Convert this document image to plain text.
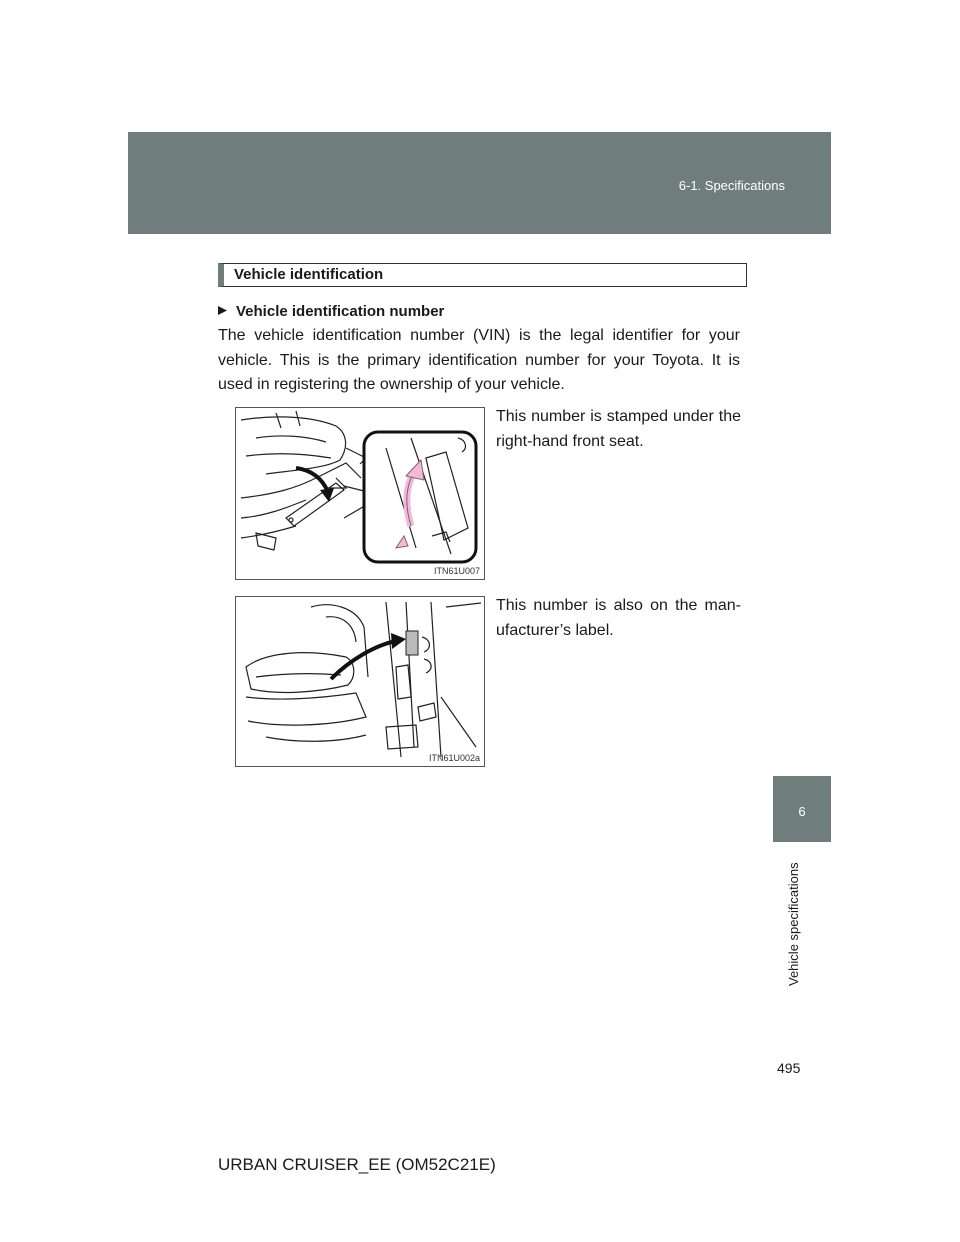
6-1. Specifications
6
Vehicle specifications
Vehicle identification
Vehicle identification number
The vehicle identification number (VIN) is the legal identifier for your vehicle. This is the primary identification number for your Toyota. It is used in registering the ownership of your vehicle.
ITN61U007
This number is stamped under the right-hand front seat.
ITN61U002a
This number is also on the man-ufacturer’s label.
495
URBAN CRUISER_EE (OM52C21E)
